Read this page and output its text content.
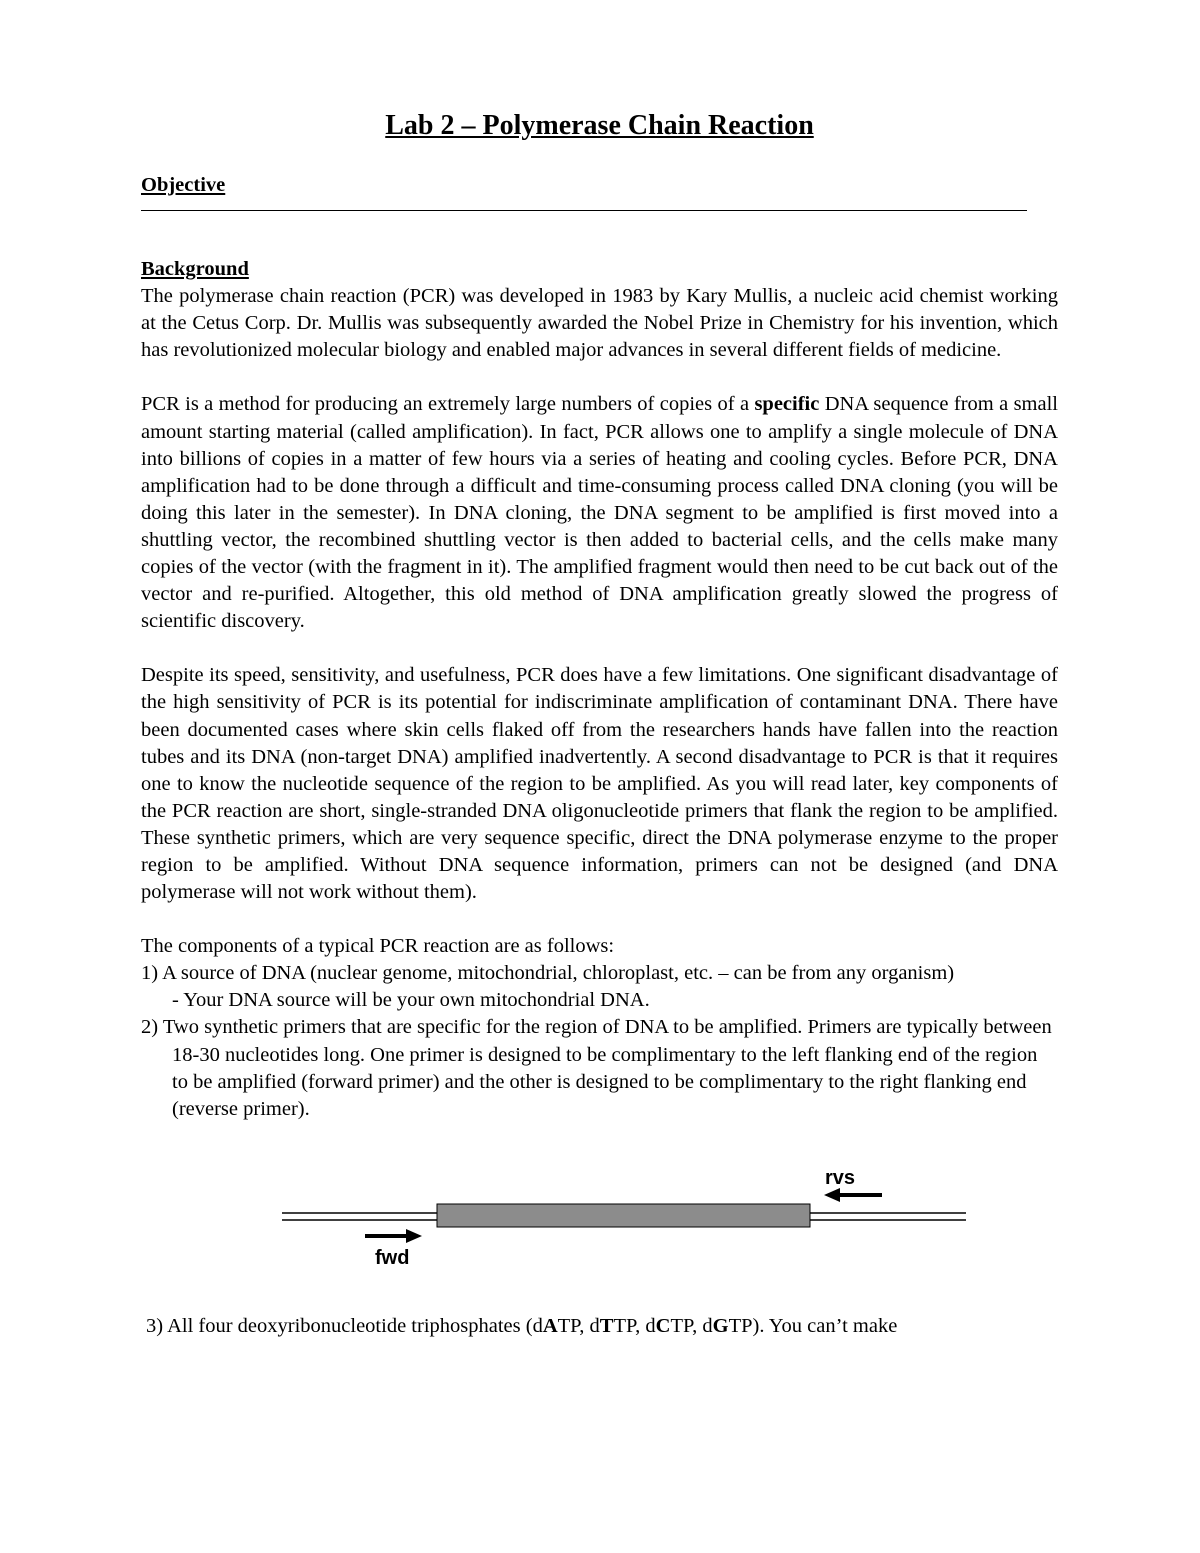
Lab 2 – Polymerase Chain Reaction
Objective
Background

The polymerase chain reaction (PCR) was developed in 1983 by Kary Mullis, a nucleic acid chemist working at the Cetus Corp. Dr. Mullis was subsequently awarded the Nobel Prize in Chemistry for his invention, which has revolutionized molecular biology and enabled major advances in several different fields of medicine.

PCR is a method for producing an extremely large numbers of copies of a specific DNA sequence from a small amount starting material (called amplification). In fact, PCR allows one to amplify a single molecule of DNA into billions of copies in a matter of few hours via a series of heating and cooling cycles. Before PCR, DNA amplification had to be done through a difficult and time-consuming process called DNA cloning (you will be doing this later in the semester). In DNA cloning, the DNA segment to be amplified is first moved into a shuttling vector, the recombined shuttling vector is then added to bacterial cells, and the cells make many copies of the vector (with the fragment in it). The amplified fragment would then need to be cut back out of the vector and re-purified. Altogether, this old method of DNA amplification greatly slowed the progress of scientific discovery.

Despite its speed, sensitivity, and usefulness, PCR does have a few limitations. One significant disadvantage of the high sensitivity of PCR is its potential for indiscriminate amplification of contaminant DNA. There have been documented cases where skin cells flaked off from the researchers hands have fallen into the reaction tubes and its DNA (non-target DNA) amplified inadvertently. A second disadvantage to PCR is that it requires one to know the nucleotide sequence of the region to be amplified. As you will read later, key components of the PCR reaction are short, single-stranded DNA oligonucleotide primers that flank the region to be amplified. These synthetic primers, which are very sequence specific, direct the DNA polymerase enzyme to the proper region to be amplified. Without DNA sequence information, primers can not be designed (and DNA polymerase will not work without them).

The components of a typical PCR reaction are as follows:
1) A source of DNA (nuclear genome, mitochondrial, chloroplast, etc. – can be from any organism)
- Your DNA source will be your own mitochondrial DNA.
2) Two synthetic primers that are specific for the region of DNA to be amplified. Primers are typically between 18-30 nucleotides long. One primer is designed to be complimentary to the left flanking end of the region to be amplified (forward primer) and the other is designed to be complimentary to the right flanking end (reverse primer).
rvs
fwd
3) All four deoxyribonucleotide triphosphates (dATP, dTTP, dCTP, dGTP). You can’t make
